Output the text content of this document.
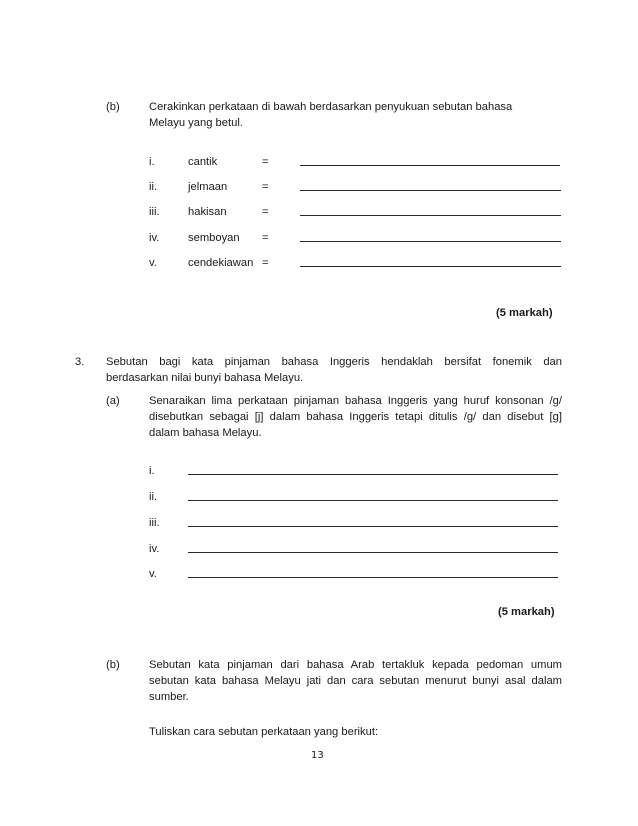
(b)	Cerakinkan perkataan di bawah berdasarkan penyukuan sebutan bahasa
Melayu yang betul.
i.	cantik	=
ii.	jelmaan	=
iii.	hakisan	=
iv.	semboyan =
v.	cendekiawan =
(5 markah)
3. Sebutan bagi kata pinjaman bahasa Inggeris hendaklah bersifat fonemik dan
berdasarkan nilai bunyi bahasa Melayu.
(a)	Senaraikan lima perkataan pinjaman bahasa Inggeris yang huruf konsonan /g/
disebutkan sebagai [j] dalam bahasa Inggeris tetapi ditulis /g/ dan disebut [g]
dalam bahasa Melayu.
i.
ii.
iii.
iv.
v.
(5 markah)
(b)	Sebutan kata pinjaman dari bahasa Arab tertakluk kepada pedoman umum
sebutan kata bahasa Melayu jati dan cara sebutan menurut bunyi asal dalam
sumber.
Tuliskan cara sebutan perkataan yang berikut:
13
